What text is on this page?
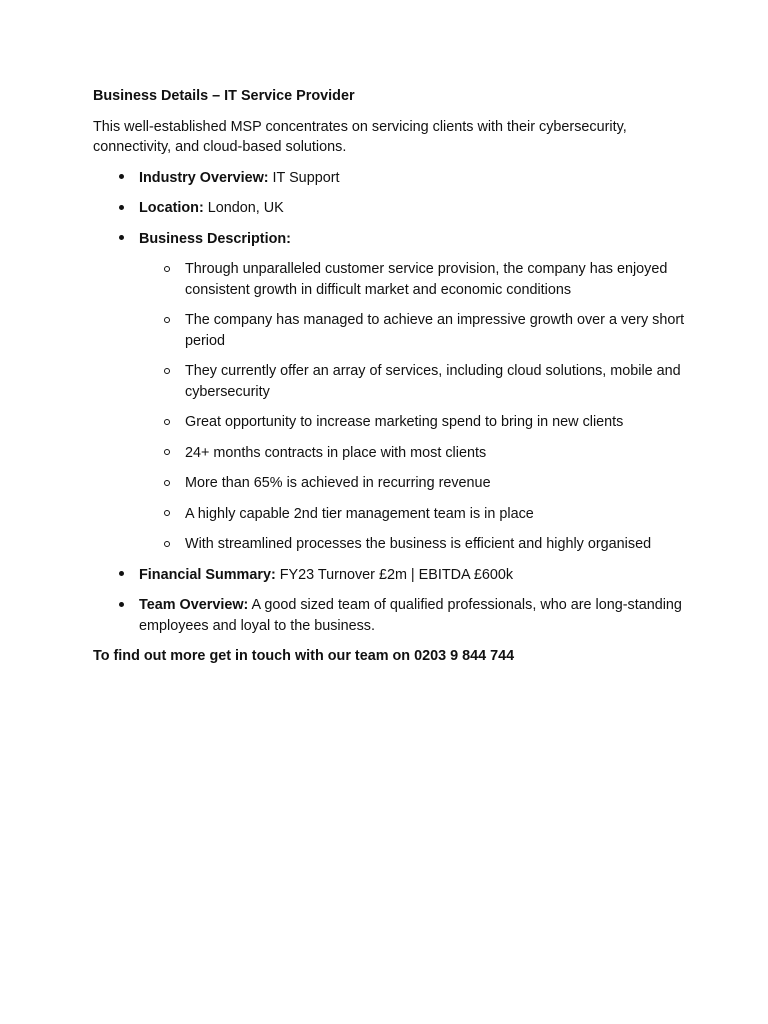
Business Details – IT Service Provider

This well-established MSP concentrates on servicing clients with their cybersecurity, connectivity, and cloud-based solutions.

Industry Overview: IT Support
Location: London, UK
Business Description:
Through unparalleled customer service provision, the company has enjoyed consistent growth in difficult market and economic conditions
The company has managed to achieve an impressive growth over a very short period
They currently offer an array of services, including cloud solutions, mobile and cybersecurity
Great opportunity to increase marketing spend to bring in new clients
24+ months contracts in place with most clients
More than 65% is achieved in recurring revenue
A highly capable 2nd tier management team is in place
With streamlined processes the business is efficient and highly organised
Financial Summary: FY23 Turnover £2m | EBITDA £600k
Team Overview: A good sized team of qualified professionals, who are long-standing employees and loyal to the business.

To find out more get in touch with our team on 0203 9 844 744
